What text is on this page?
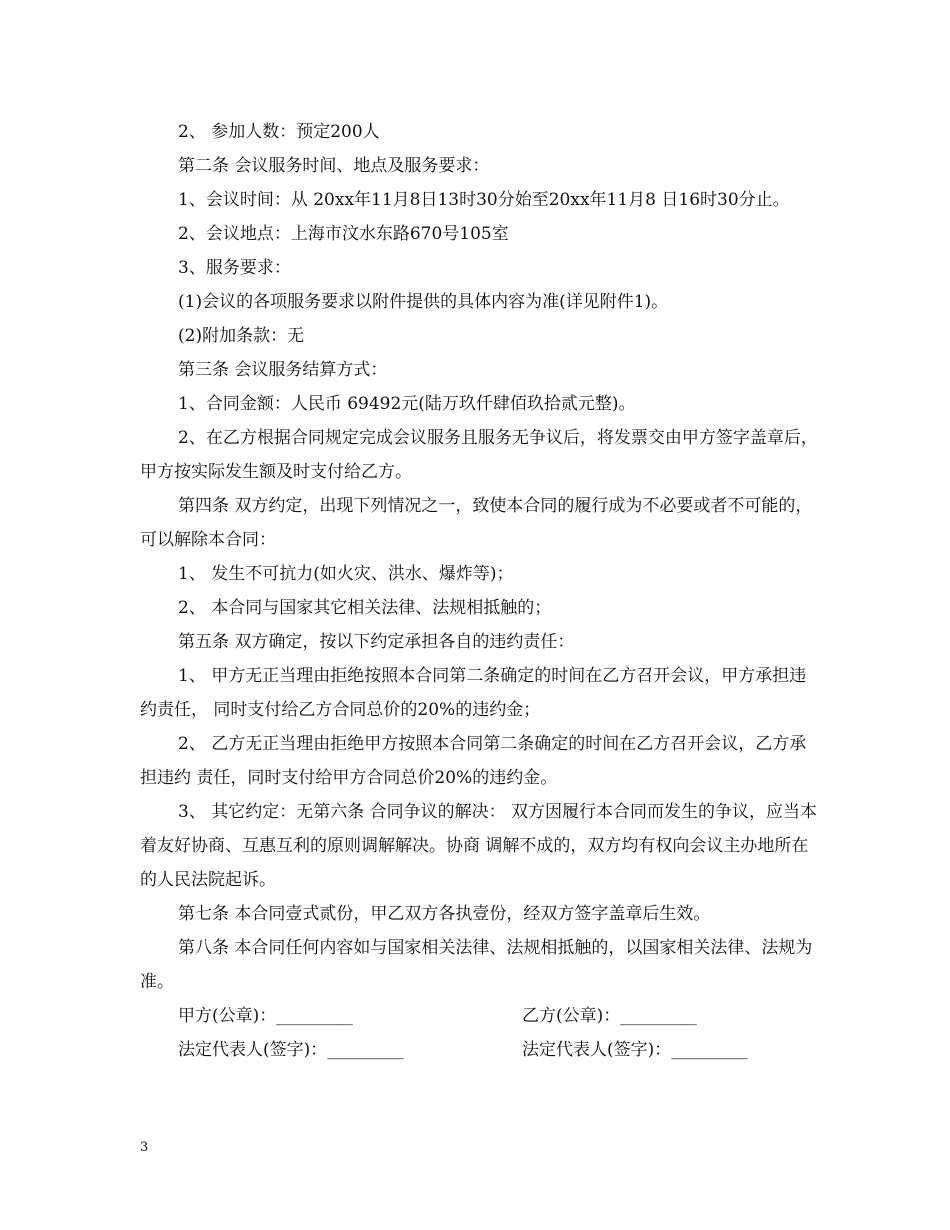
2、 参加人数：预定200人

第二条 会议服务时间、地点及服务要求：

1、会议时间：从 20xx年11月8日13时30分始至20xx年11月8 日16时30分止。

2、会议地点：上海市汶水东路670号105室

3、服务要求：

(1)会议的各项服务要求以附件提供的具体内容为准(详见附件1)。

(2)附加条款：无

第三条 会议服务结算方式：

1、合同金额：人民币 69492元(陆万玖仟肆佰玖拾贰元整)。

2、在乙方根据合同规定完成会议服务且服务无争议后，将发票交由甲方签字盖章后，甲方按实际发生额及时支付给乙方。

第四条 双方约定，出现下列情况之一，致使本合同的履行成为不必要或者不可能的，可以解除本合同：

1、 发生不可抗力(如火灾、洪水、爆炸等)；

2、 本合同与国家其它相关法律、法规相抵触的；

第五条 双方确定，按以下约定承担各自的违约责任：

1、 甲方无正当理由拒绝按照本合同第二条确定的时间在乙方召开会议，甲方承担违约责任， 同时支付给乙方合同总价的20%的违约金；

2、 乙方无正当理由拒绝甲方按照本合同第二条确定的时间在乙方召开会议，乙方承担违约 责任，同时支付给甲方合同总价20%的违约金。

3、 其它约定：无第六条 合同争议的解决： 双方因履行本合同而发生的争议，应当本着友好协商、互惠互利的原则调解解决。协商 调解不成的，双方均有权向会议主办地所在的人民法院起诉。

第七条 本合同壹式贰份，甲乙双方各执壹份，经双方签字盖章后生效。

第八条 本合同任何内容如与国家相关法律、法规相抵触的，以国家相关法律、法规为准。

甲方(公章)：_________	乙方(公章)：_________
法定代表人(签字)：_________	法定代表人(签字)：_________
3
